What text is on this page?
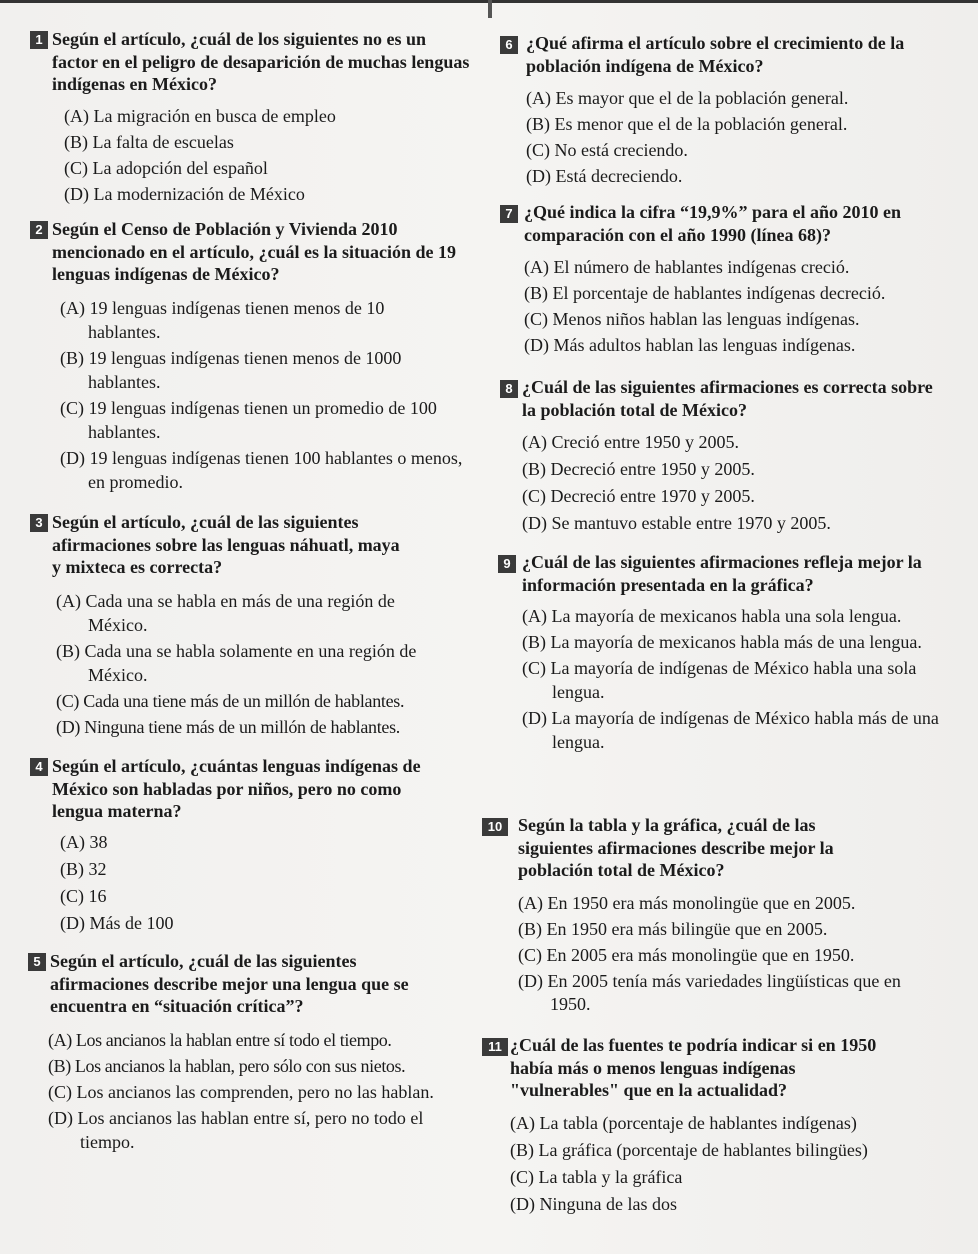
1 Según el artículo, ¿cuál de los siguientes no es un factor en el peligro de desaparición de muchas lenguas indígenas en México?

(A) La migración en busca de empleo
(B) La falta de escuelas
(C) La adopción del español
(D) La modernización de México
2 Según el Censo de Población y Vivienda 2010 mencionado en el artículo, ¿cuál es la situación de 19 lenguas indígenas de México?

(A) 19 lenguas indígenas tienen menos de 10 hablantes.
(B) 19 lenguas indígenas tienen menos de 1000 hablantes.
(C) 19 lenguas indígenas tienen un promedio de 100 hablantes.
(D) 19 lenguas indígenas tienen 100 hablantes o menos, en promedio.
3 Según el artículo, ¿cuál de las siguientes afirmaciones sobre las lenguas náhuatl, maya y mixteca es correcta?

(A) Cada una se habla en más de una región de México.
(B) Cada una se habla solamente en una región de México.
(C) Cada una tiene más de un millón de hablantes.
(D) Ninguna tiene más de un millón de hablantes.
4 Según el artículo, ¿cuántas lenguas indígenas de México son habladas por niños, pero no como lengua materna?

(A) 38
(B) 32
(C) 16
(D) Más de 100
5 Según el artículo, ¿cuál de las siguientes afirmaciones describe mejor una lengua que se encuentra en “situación crítica”?

(A) Los ancianos la hablan entre sí todo el tiempo.
(B) Los ancianos la hablan, pero sólo con sus nietos.
(C) Los ancianos las comprenden, pero no las hablan.
(D) Los ancianos las hablan entre sí, pero no todo el tiempo.
6 ¿Qué afirma el artículo sobre el crecimiento de la población indígena de México?

(A) Es mayor que el de la población general.
(B) Es menor que el de la población general.
(C) No está creciendo.
(D) Está decreciendo.
7 ¿Qué indica la cifra “19,9%” para el año 2010 en comparación con el año 1990 (línea 68)?

(A) El número de hablantes indígenas creció.
(B) El porcentaje de hablantes indígenas decreció.
(C) Menos niños hablan las lenguas indígenas.
(D) Más adultos hablan las lenguas indígenas.
8 ¿Cuál de las siguientes afirmaciones es correcta sobre la población total de México?

(A) Creció entre 1950 y 2005.
(B) Decreció entre 1950 y 2005.
(C) Decreció entre 1970 y 2005.
(D) Se mantuvo estable entre 1970 y 2005.
9 ¿Cuál de las siguientes afirmaciones refleja mejor la información presentada en la gráfica?

(A) La mayoría de mexicanos habla una sola lengua.
(B) La mayoría de mexicanos habla más de una lengua.
(C) La mayoría de indígenas de México habla una sola lengua.
(D) La mayoría de indígenas de México habla más de una lengua.
10 Según la tabla y la gráfica, ¿cuál de las siguientes afirmaciones describe mejor la población total de México?

(A) En 1950 era más monolingüe que en 2005.
(B) En 1950 era más bilingüe que en 2005.
(C) En 2005 era más monolingüe que en 1950.
(D) En 2005 tenía más variedades lingüísticas que en 1950.
11 ¿Cuál de las fuentes te podría indicar si en 1950 había más o menos lenguas indígenas "vulnerables" que en la actualidad?

(A) La tabla (porcentaje de hablantes indígenas)
(B) La gráfica (porcentaje de hablantes bilingües)
(C) La tabla y la gráfica
(D) Ninguna de las dos
